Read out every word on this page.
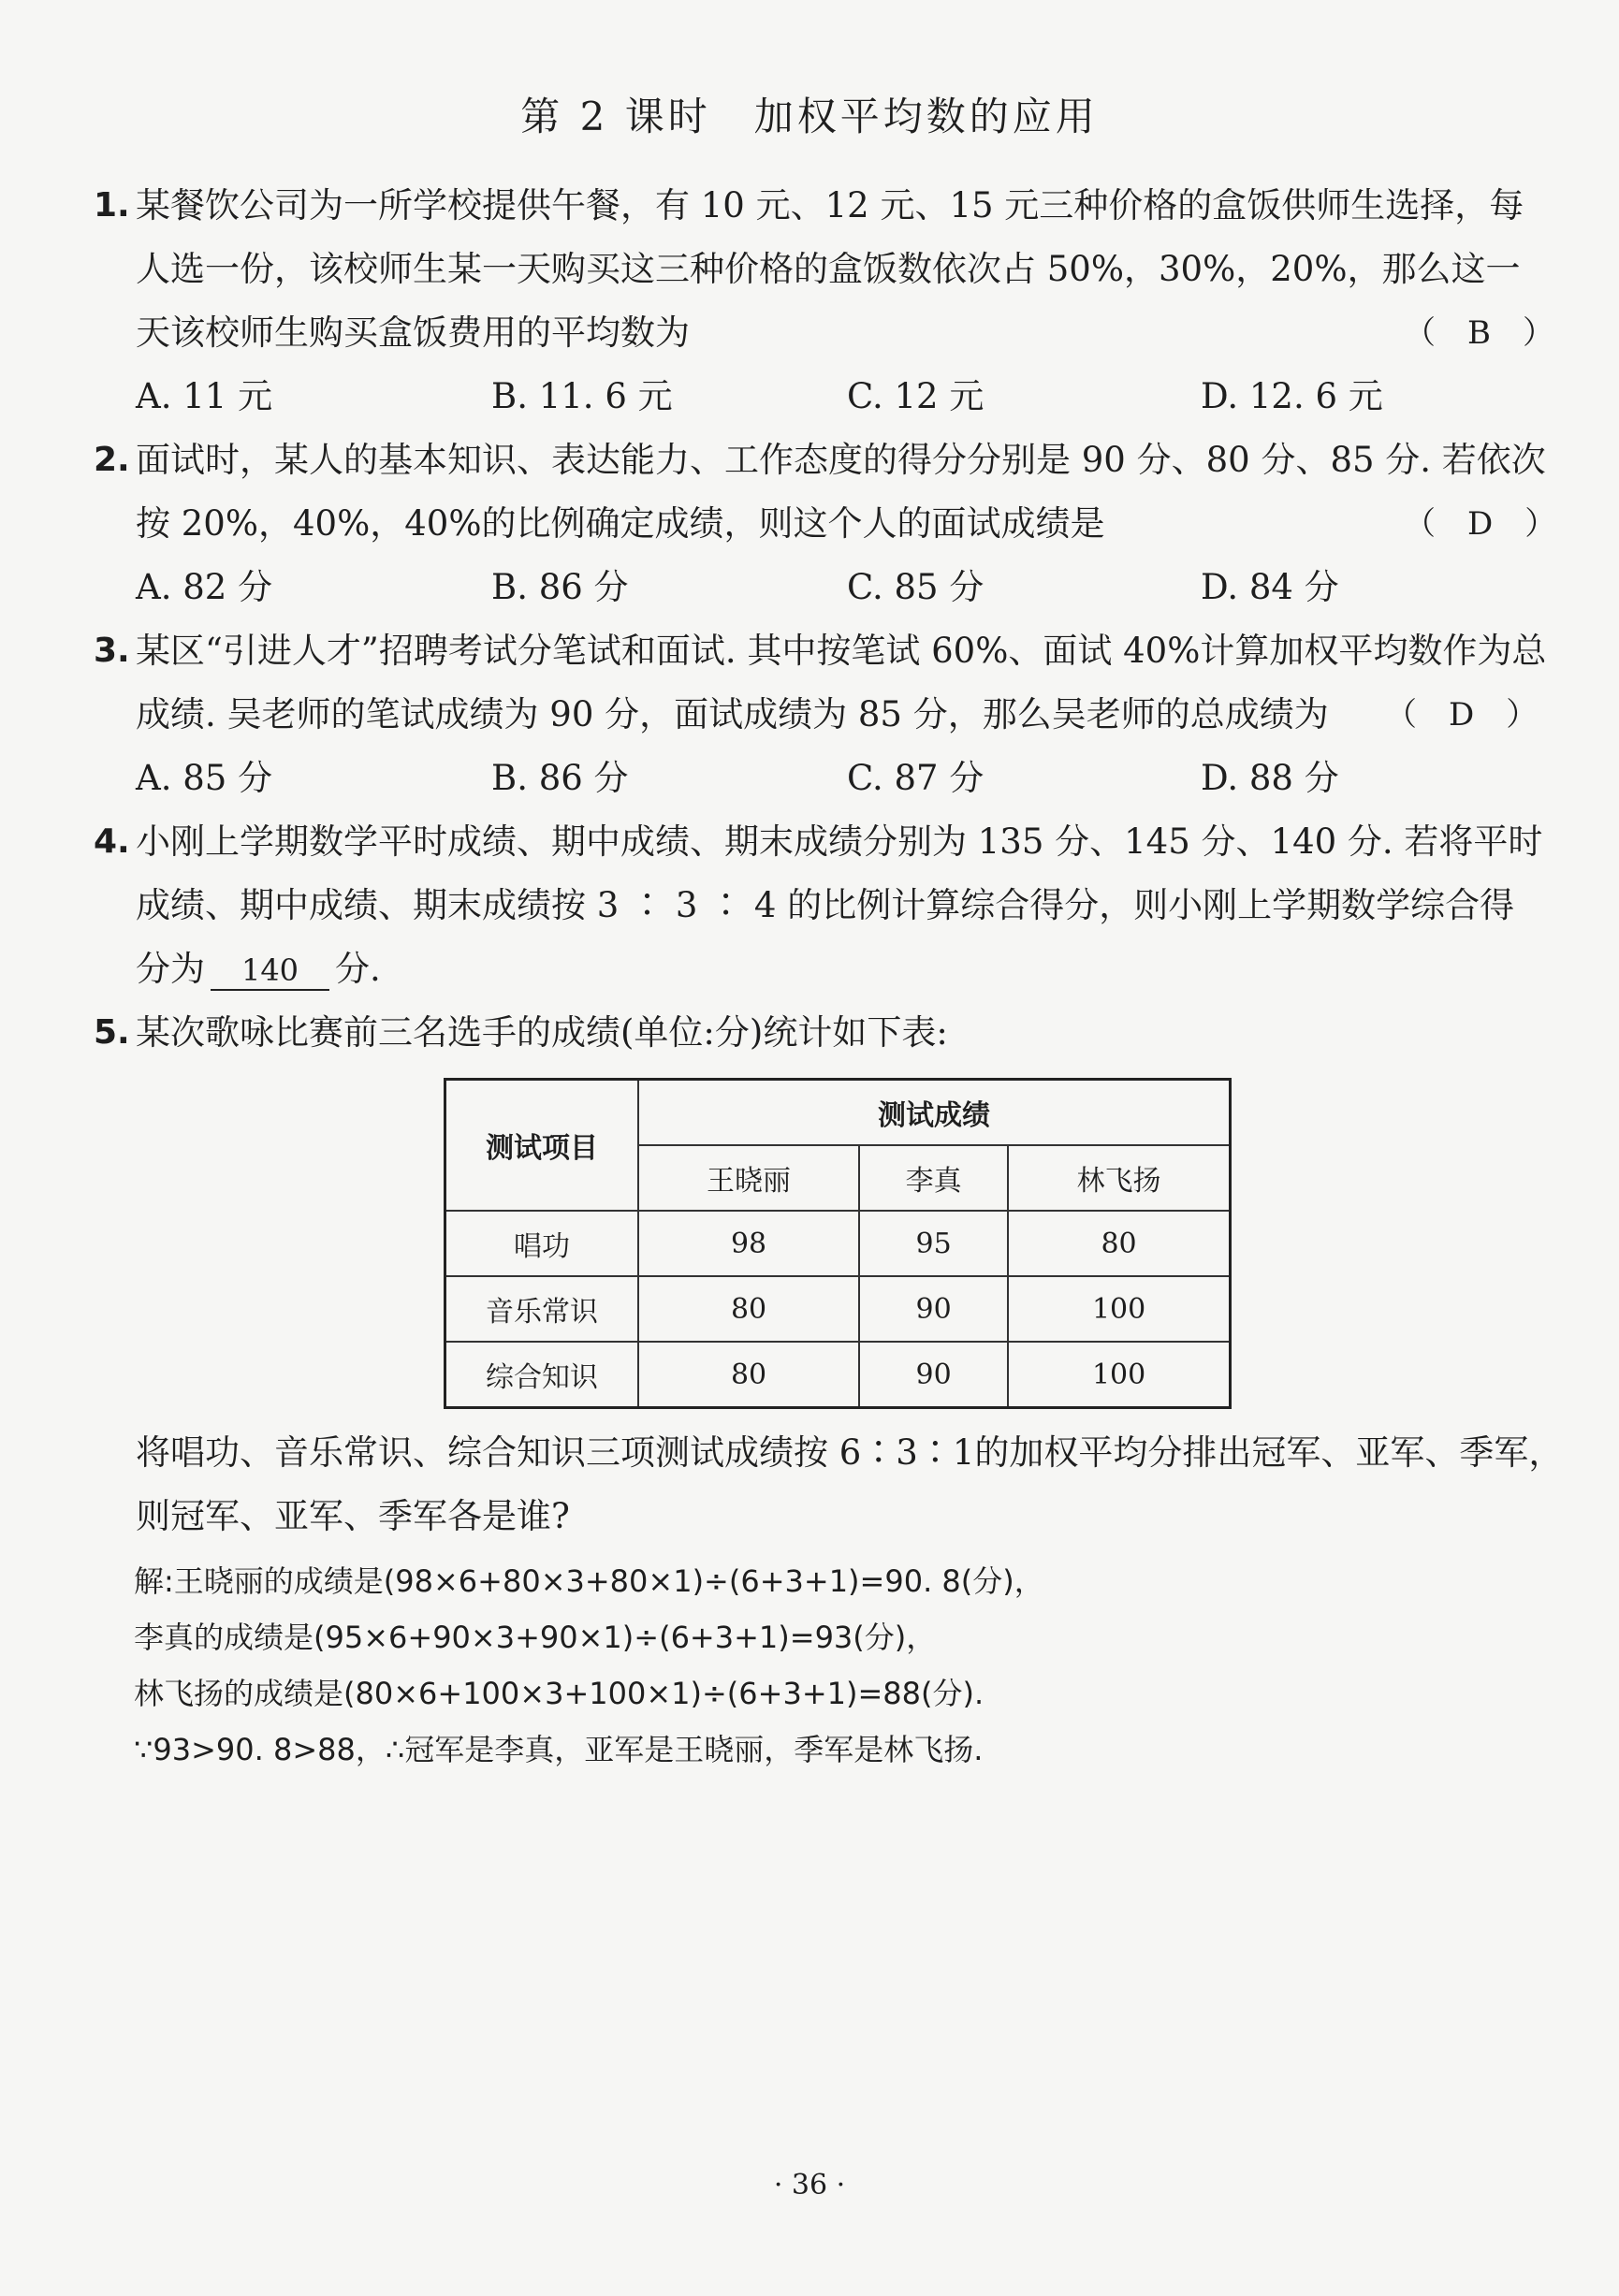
第 2 课时　加权平均数的应用
1. 某餐饮公司为一所学校提供午餐，有 10 元、12 元、15 元三种价格的盒饭供师生选择，每
人选一份，该校师生某一天购买这三种价格的盒饭数依次占 50%，30%，20%，那么这一
天该校师生购买盒饭费用的平均数为	（　B　）
A. 11 元	B. 11. 6 元	C. 12 元	D. 12. 6 元
2. 面试时，某人的基本知识、表达能力、工作态度的得分分别是 90 分、80 分、85 分. 若依次
按 20%，40%，40%的比例确定成绩，则这个人的面试成绩是	（　D　）
A. 82 分	B. 86 分	C. 85 分	D. 84 分
3. 某区“引进人才”招聘考试分笔试和面试. 其中按笔试 60%、面试 40%计算加权平均数作为总
成绩. 吴老师的笔试成绩为 90 分，面试成绩为 85 分，那么吴老师的总成绩为	（　D　）
A. 85 分	B. 86 分	C. 87 分	D. 88 分
4. 小刚上学期数学平时成绩、期中成绩、期末成绩分别为 135 分、145 分、140 分. 若将平时
成绩、期中成绩、期末成绩按 3 ∶ 3 ∶ 4 的比例计算综合得分，则小刚上学期数学综合得
分为 140 分.
5. 某次歌咏比赛前三名选手的成绩(单位:分)统计如下表:
测试项目	测试成绩		
	王晓丽	李真	林飞扬
唱功	98	95	80
音乐常识	80	90	100
综合知识	80	90	100
将唱功、音乐常识、综合知识三项测试成绩按 6∶3∶1的加权平均分排出冠军、亚军、季军，
则冠军、亚军、季军各是谁?
解:王晓丽的成绩是(98×6+80×3+80×1)÷(6+3+1)=90. 8(分)，
李真的成绩是(95×6+90×3+90×1)÷(6+3+1)=93(分)，
林飞扬的成绩是(80×6+100×3+100×1)÷(6+3+1)=88(分).
∵93>90. 8>88，∴冠军是李真，亚军是王晓丽，季军是林飞扬.
· 36 ·
